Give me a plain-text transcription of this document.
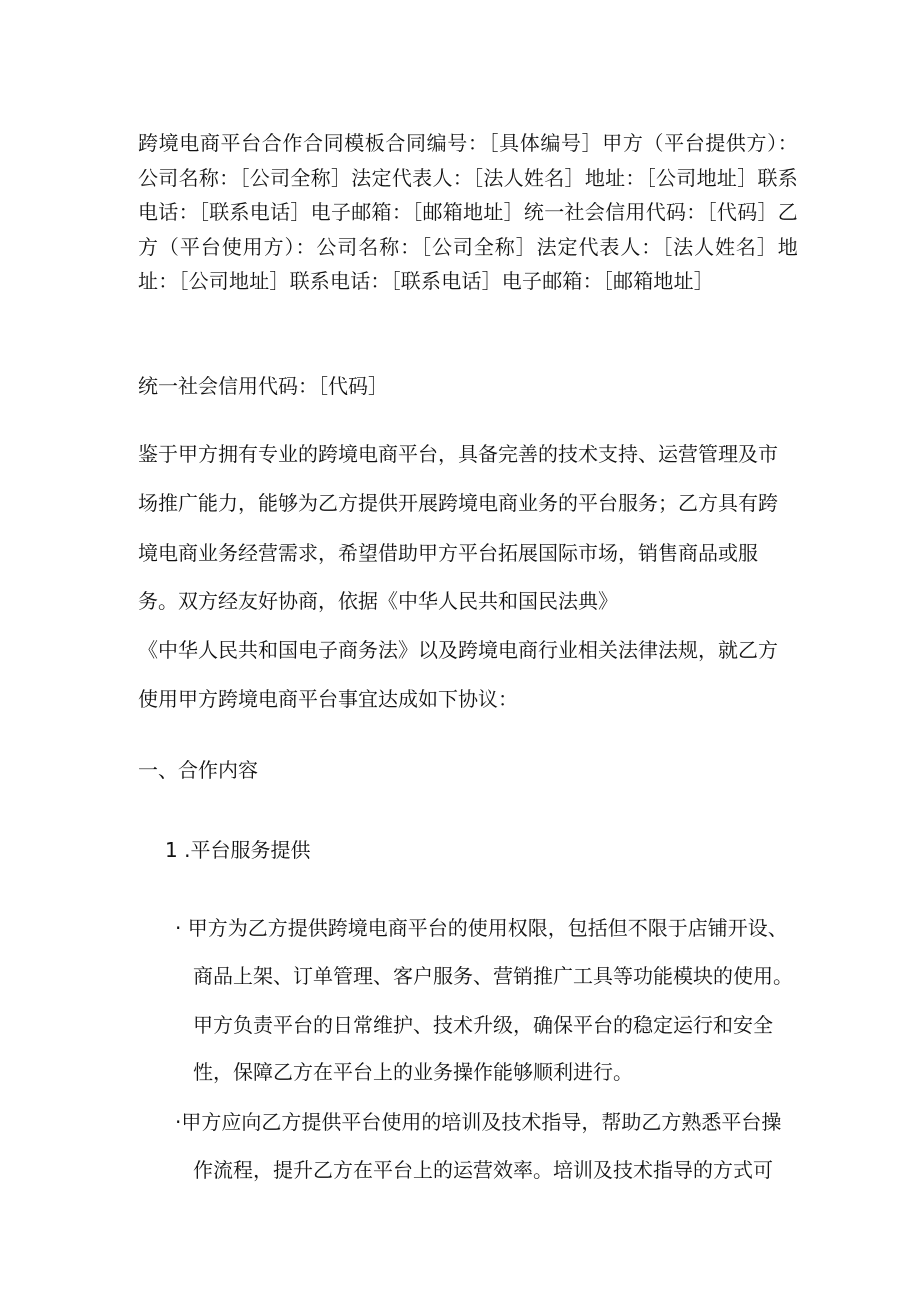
跨境电商平台合作合同模板合同编号：［具体编号］甲方（平台提供方）：公司名称：［公司全称］法定代表人：［法人姓名］地址：［公司地址］联系电话：［联系电话］电子邮箱：［邮箱地址］统一社会信用代码：［代码］乙方（平台使用方）：公司名称：［公司全称］法定代表人：［法人姓名］地址：［公司地址］联系电话：［联系电话］电子邮箱：［邮箱地址］
统一社会信用代码：［代码］
鉴于甲方拥有专业的跨境电商平台，具备完善的技术支持、运营管理及市
场推广能力，能够为乙方提供开展跨境电商业务的平台服务；乙方具有跨
境电商业务经营需求，希望借助甲方平台拓展国际市场，销售商品或服
务。双方经友好协商，依据《中华人民共和国民法典》
《中华人民共和国电子商务法》以及跨境电商行业相关法律法规，就乙方
使用甲方跨境电商平台事宜达成如下协议：
一、合作内容
1 .平台服务提供
· 甲方为乙方提供跨境电商平台的使用权限，包括但不限于店铺开设、
商品上架、订单管理、客户服务、营销推广工具等功能模块的使用。
甲方负责平台的日常维护、技术升级，确保平台的稳定运行和安全
性，保障乙方在平台上的业务操作能够顺利进行。
·甲方应向乙方提供平台使用的培训及技术指导，帮助乙方熟悉平台操
作流程，提升乙方在平台上的运营效率。培训及技术指导的方式可
